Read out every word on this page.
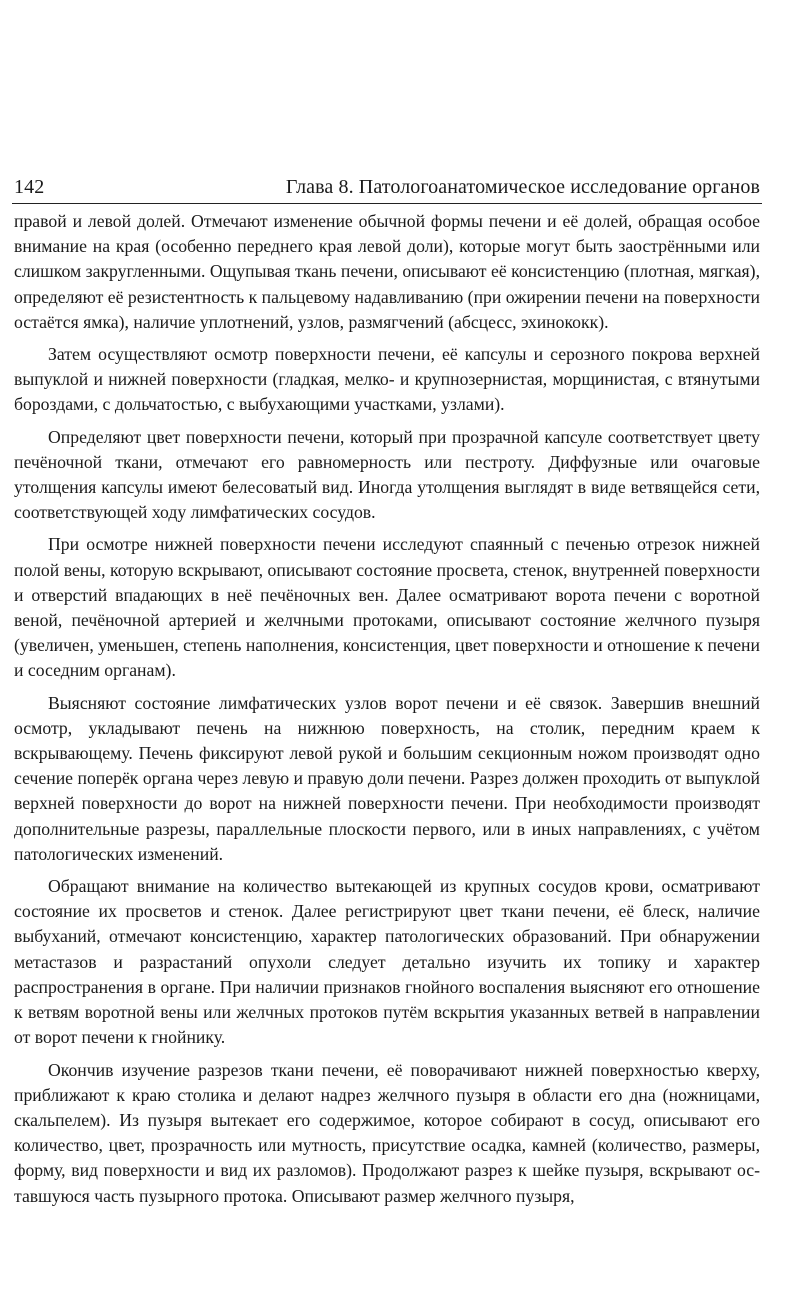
142	Глава 8. Патологоанатомическое исследование органов

правой и левой долей. Отмечают изменение обычной формы печени и её долей, обращая особое внимание на края (особенно переднего края левой доли), которые могут быть заострёнными или слишком закругленными. Ощупывая ткань печени, описывают её консистенцию (плотная, мягкая), определяют её резистентность к пальцевому надавливанию (при ожирении печени на поверхности остаётся ямка), наличие уплотнений, узлов, размягчений (абсцесс, эхинококк).

Затем осуществляют осмотр поверхности печени, её капсулы и серозного покрова верхней выпуклой и нижней поверхности (гладкая, мелко- и крупнозернистая, морщинистая, с втянутыми бороздами, с дольчатостью, с выбухающими участками, узлами).

Определяют цвет поверхности печени, который при прозрачной капсуле соответствует цвету печёночной ткани, отмечают его равномерность или пестроту. Диффузные или очаговые утолщения капсулы имеют белесоватый вид. Иногда утолщения выглядят в виде ветвящейся сети, соответствующей ходу лимфатических сосудов.

При осмотре нижней поверхности печени исследуют спаянный с печенью отрезок нижней полой вены, которую вскрывают, описывают состояние просвета, стенок, внутренней поверхности и отверстий впадающих в неё печёночных вен. Далее осматривают ворота печени с воротной веной, печёночной артерией и желчными протоками, описывают состояние желчного пузыря (увеличен, уменьшен, степень наполнения, консистенция, цвет поверхности и отношение к печени и соседним органам).

Выясняют состояние лимфатических узлов ворот печени и её связок. Завершив внешний осмотр, укладывают печень на нижнюю поверхность, на столик, передним краем к вскрывающему. Печень фиксируют левой рукой и большим секционным ножом производят одно сечение поперёк органа через левую и правую доли печени. Разрез должен проходить от выпуклой верхней поверхности до ворот на нижней поверхности печени. При необходимости производят дополнительные разрезы, параллельные плоскости первого, или в иных направлениях, с учётом патологических изменений.

Обращают внимание на количество вытекающей из крупных сосудов крови, осматривают состояние их просветов и стенок. Далее регистрируют цвет ткани печени, её блеск, наличие выбуханий, отмечают консистенцию, характер патологических образований. При обнаружении метастазов и разрастаний опухоли следует детально изучить их топику и характер распространения в органе. При наличии признаков гнойного воспаления выясняют его отношение к ветвям воротной вены или желчных протоков путём вскрытия указанных ветвей в направлении от ворот печени к гнойнику.

Окончив изучение разрезов ткани печени, её поворачивают нижней поверхностью кверху, приближают к краю столика и делают надрез желчного пузыря в области его дна (ножницами, скальпелем). Из пузыря вытекает его содержимое, которое собирают в сосуд, описывают его количество, цвет, прозрачность или мутность, присутствие осадка, камней (количество, размеры, форму, вид поверхности и вид их разломов). Продолжают разрез к шейке пузыря, вскрывают оставшуюся часть пузырного протока. Описывают размер желчного пузыря,
